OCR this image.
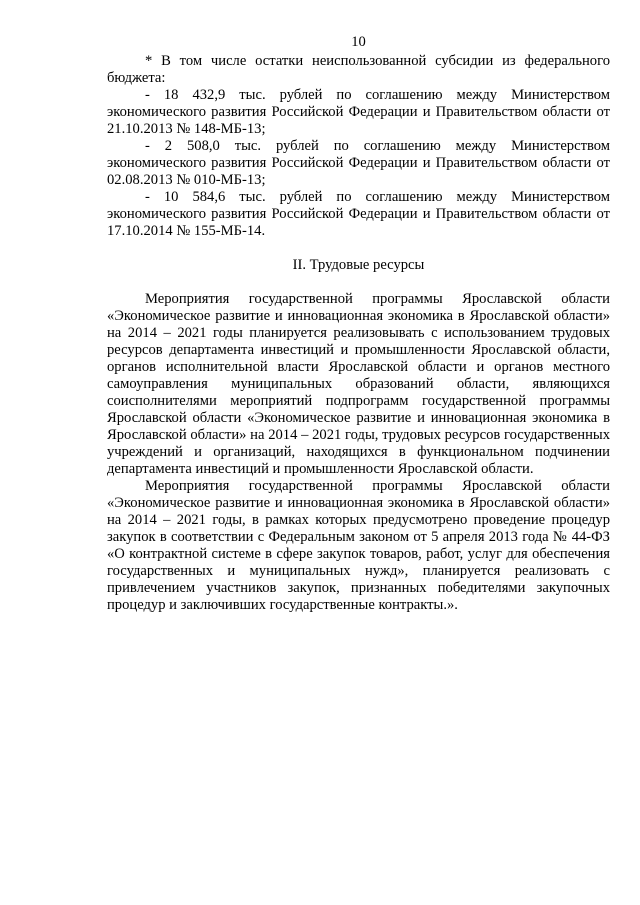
10

* В том числе остатки неиспользованной субсидии из федерального бюджета:

- 18 432,9 тыс. рублей по соглашению между Министерством экономического развития Российской Федерации и Правительством области от 21.10.2013 № 148-МБ-13;

- 2 508,0 тыс. рублей по соглашению между Министерством экономического развития Российской Федерации и Правительством области от 02.08.2013 № 010-МБ-13;

- 10 584,6 тыс. рублей по соглашению между Министерством экономического развития Российской Федерации и Правительством области от 17.10.2014 № 155-МБ-14.

II. Трудовые ресурсы

Мероприятия государственной программы Ярославской области «Экономическое развитие и инновационная экономика в Ярославской области» на 2014 – 2021 годы планируется реализовывать с использованием трудовых ресурсов департамента инвестиций и промышленности Ярославской области, органов исполнительной власти Ярославской области и органов местного самоуправления муниципальных образований области, являющихся соисполнителями мероприятий подпрограмм государственной программы Ярославской области «Экономическое развитие и инновационная экономика в Ярославской области» на 2014 – 2021 годы, трудовых ресурсов государственных учреждений и организаций, находящихся в функциональном подчинении департамента инвестиций и промышленности Ярославской области.

Мероприятия государственной программы Ярославской области «Экономическое развитие и инновационная экономика в Ярославской области» на 2014 – 2021 годы, в рамках которых предусмотрено проведение процедур закупок в соответствии с Федеральным законом от 5 апреля 2013 года № 44-ФЗ «О контрактной системе в сфере закупок товаров, работ, услуг для обеспечения государственных и муниципальных нужд», планируется реализовать с привлечением участников закупок, признанных победителями закупочных процедур и заключивших государственные контракты.».
